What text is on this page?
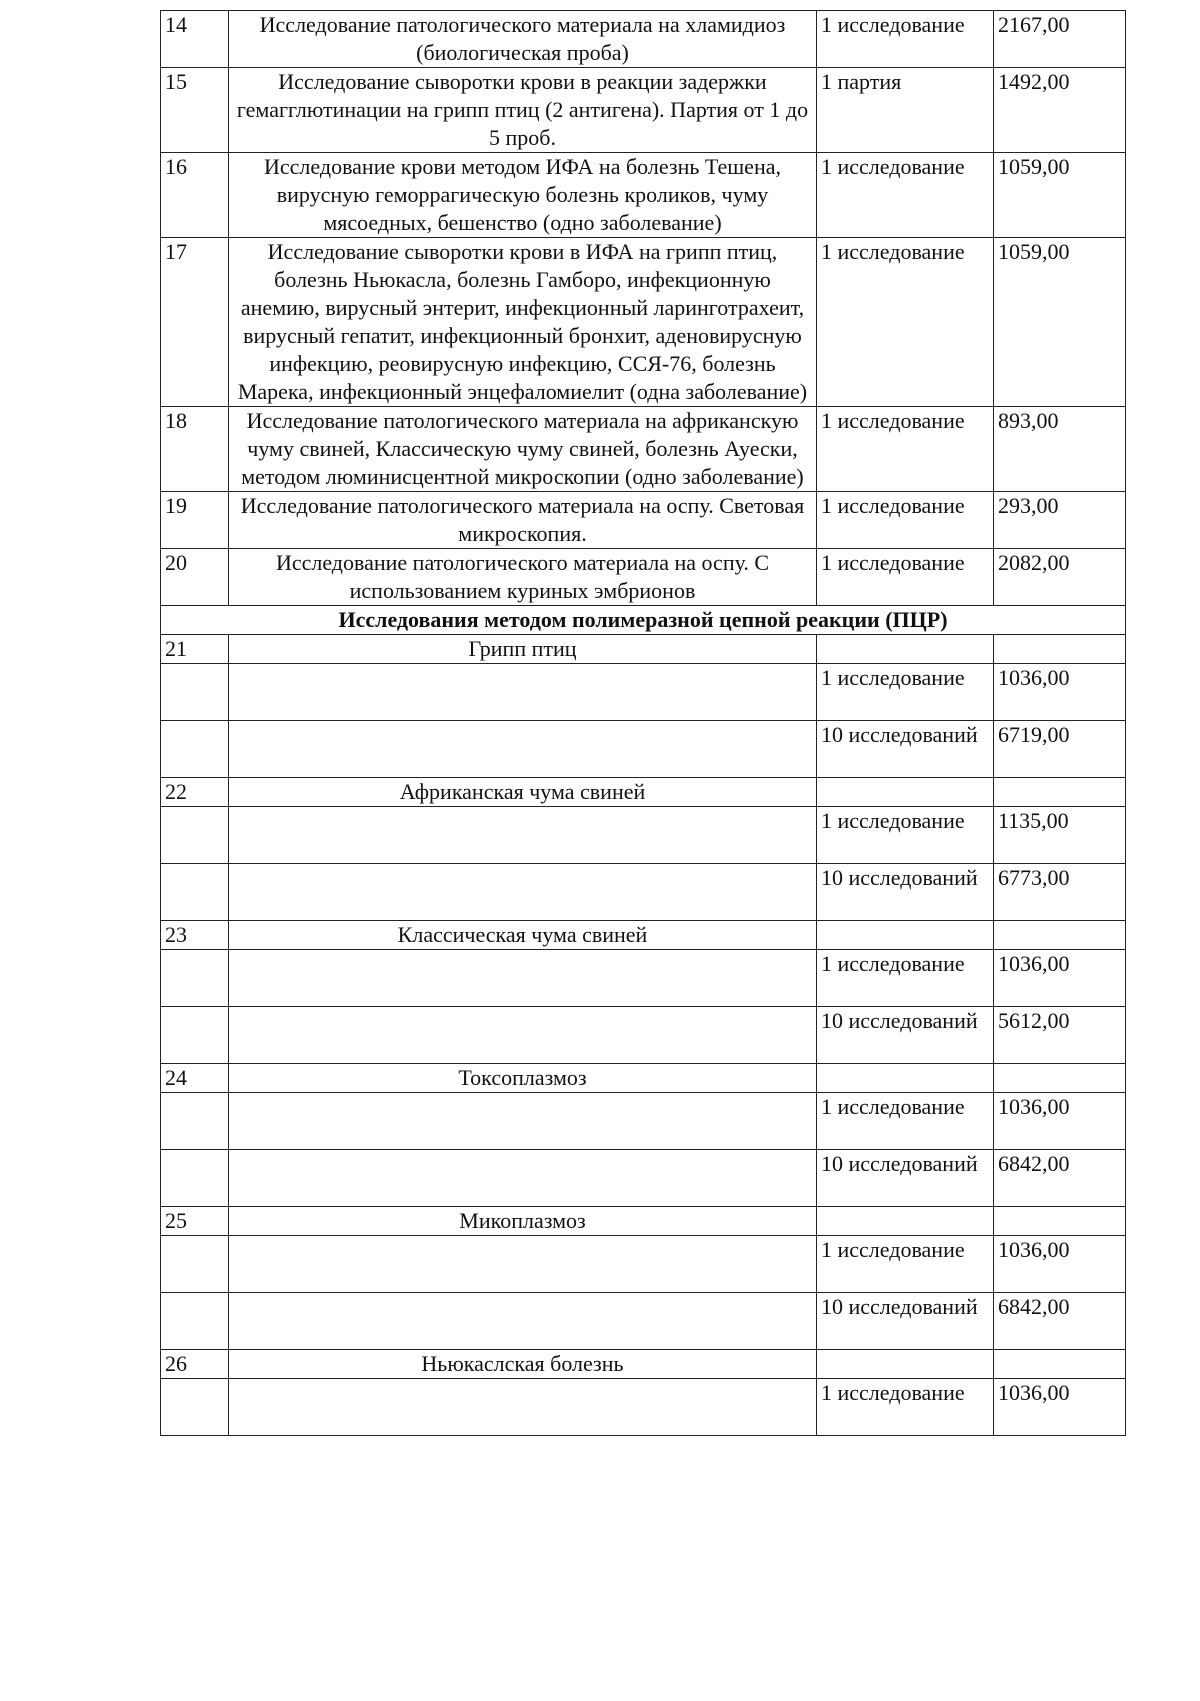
14	Исследование патологического материала на хламидиоз (биологическая проба)	1 исследование	2167,00
15	Исследование сыворотки крови в реакции задержки гемагглютинации на грипп птиц (2 антигена). Партия от 1 до 5 проб.	1 партия	1492,00
16	Исследование крови методом ИФА на болезнь Тешена, вирусную геморрагическую болезнь кроликов, чуму мясоедных, бешенство (одно заболевание)	1 исследование	1059,00
17	Исследование сыворотки крови в ИФА на грипп птиц, болезнь Ньюкасла, болезнь Гамборо, инфекционную анемию, вирусный энтерит, инфекционный ларинготрахеит, вирусный гепатит, инфекционный бронхит, аденовирусную инфекцию, реовирусную инфекцию, ССЯ-76, болезнь Марека, инфекционный энцефаломиелит (одна заболевание)	1 исследование	1059,00
18	Исследование патологического материала на африканскую чуму свиней, Классическую чуму свиней, болезнь Ауески, методом люминисцентной микроскопии (одно заболевание)	1 исследование	893,00
19	Исследование патологического материала на оспу. Световая микроскопия.	1 исследование	293,00
20	Исследование патологического материала на оспу. С использованием куриных эмбрионов	1 исследование	2082,00
Исследования методом полимеразной цепной реакции (ПЦР)			
21	Грипп птиц		
		1 исследование	1036,00
		10 исследований	6719,00
22	Африканская чума свиней		
		1 исследование	1135,00
		10 исследований	6773,00
23	Классическая чума свиней		
		1 исследование	1036,00
		10 исследований	5612,00
24	Токсоплазмоз		
		1 исследование	1036,00
		10 исследований	6842,00
25	Микоплазмоз		
		1 исследование	1036,00
		10 исследований	6842,00
26	Ньюкаслская болезнь		
		1 исследование	1036,00
